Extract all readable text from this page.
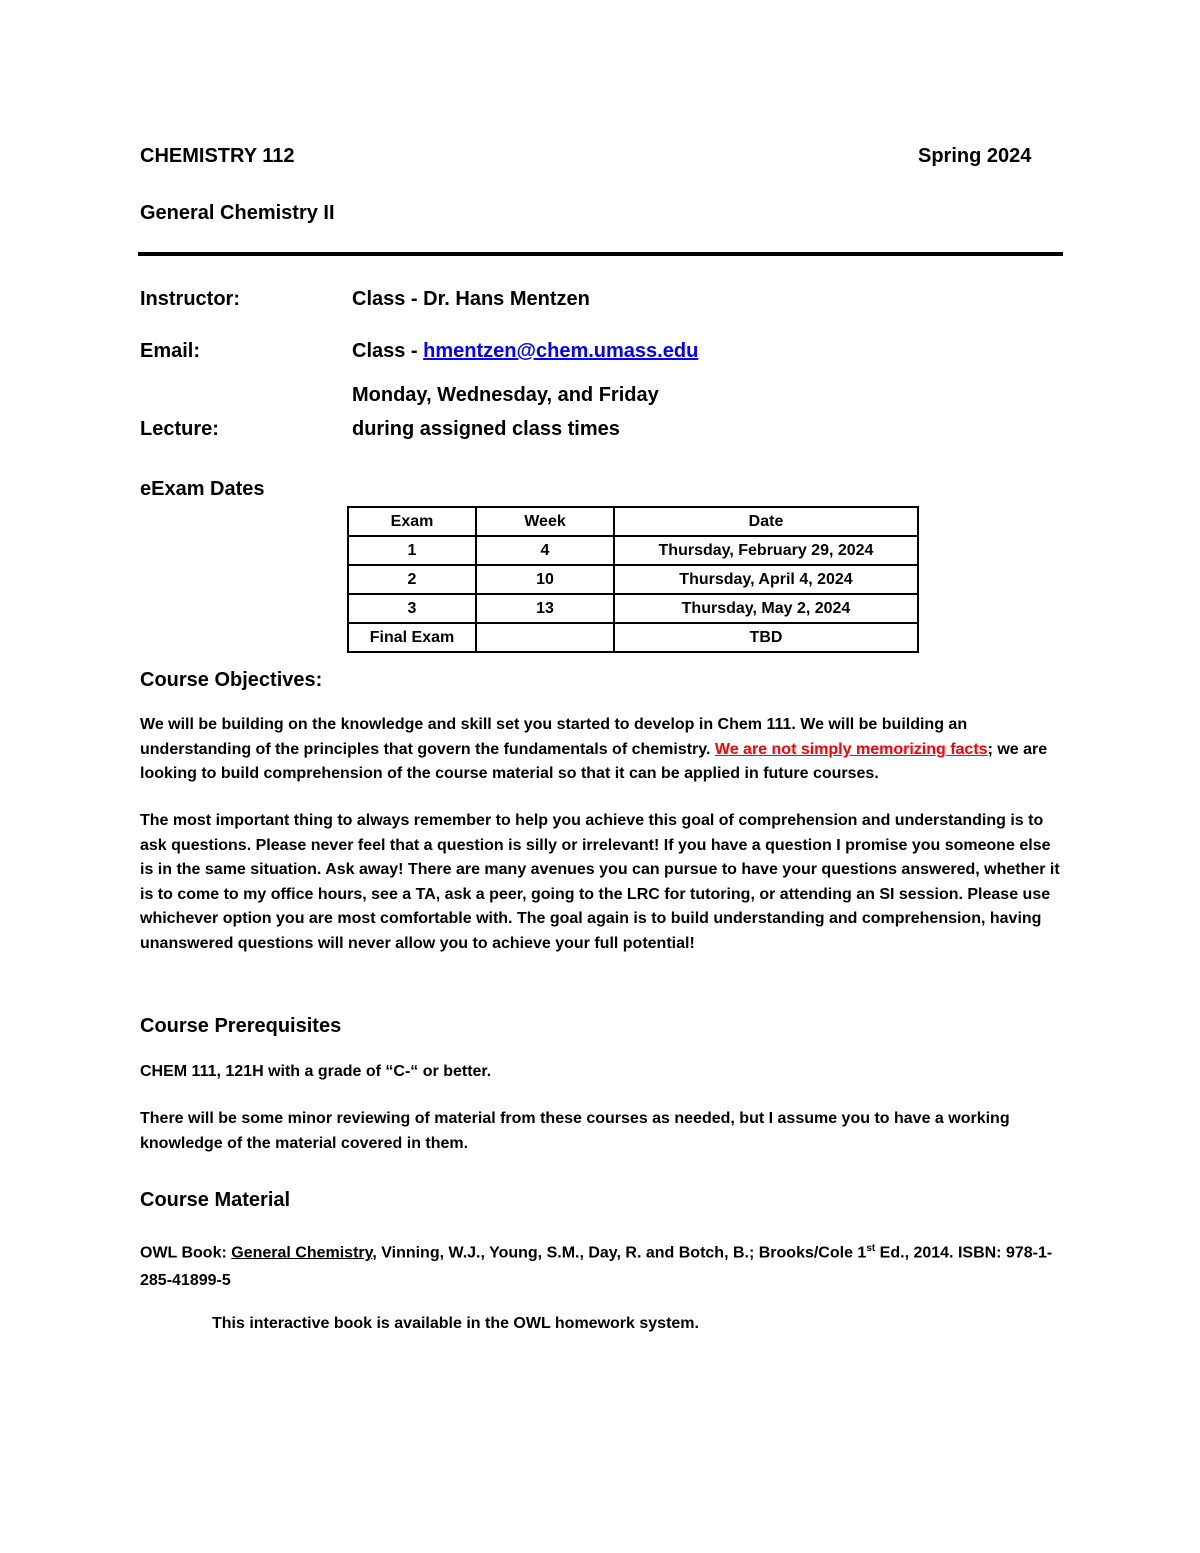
CHEMISTRY 112	Spring 2024
General Chemistry II
Instructor:	Class - Dr. Hans Mentzen
Email:	Class - hmentzen@chem.umass.edu
Monday, Wednesday, and Friday
Lecture:	during assigned class times
eExam Dates
Exam	Week	Date
1	4	Thursday, February 29, 2024
2	10	Thursday, April 4, 2024
3	13	Thursday, May 2, 2024
Final Exam		TBD
Course Objectives:
We will be building on the knowledge and skill set you started to develop in Chem 111. We will be building an understanding of the principles that govern the fundamentals of chemistry. We are not simply memorizing facts; we are looking to build comprehension of the course material so that it can be applied in future courses.
The most important thing to always remember to help you achieve this goal of comprehension and understanding is to ask questions. Please never feel that a question is silly or irrelevant! If you have a question I promise you someone else is in the same situation. Ask away! There are many avenues you can pursue to have your questions answered, whether it is to come to my office hours, see a TA, ask a peer, going to the LRC for tutoring, or attending an SI session. Please use whichever option you are most comfortable with. The goal again is to build understanding and comprehension, having unanswered questions will never allow you to achieve your full potential!
Course Prerequisites
CHEM 111, 121H with a grade of “C-“ or better.
There will be some minor reviewing of material from these courses as needed, but I assume you to have a working knowledge of the material covered in them.
Course Material
OWL Book: General Chemistry, Vinning, W.J., Young, S.M., Day, R. and Botch, B.; Brooks/Cole 1st Ed., 2014. ISBN: 978-1-285-41899-5
This interactive book is available in the OWL homework system.
